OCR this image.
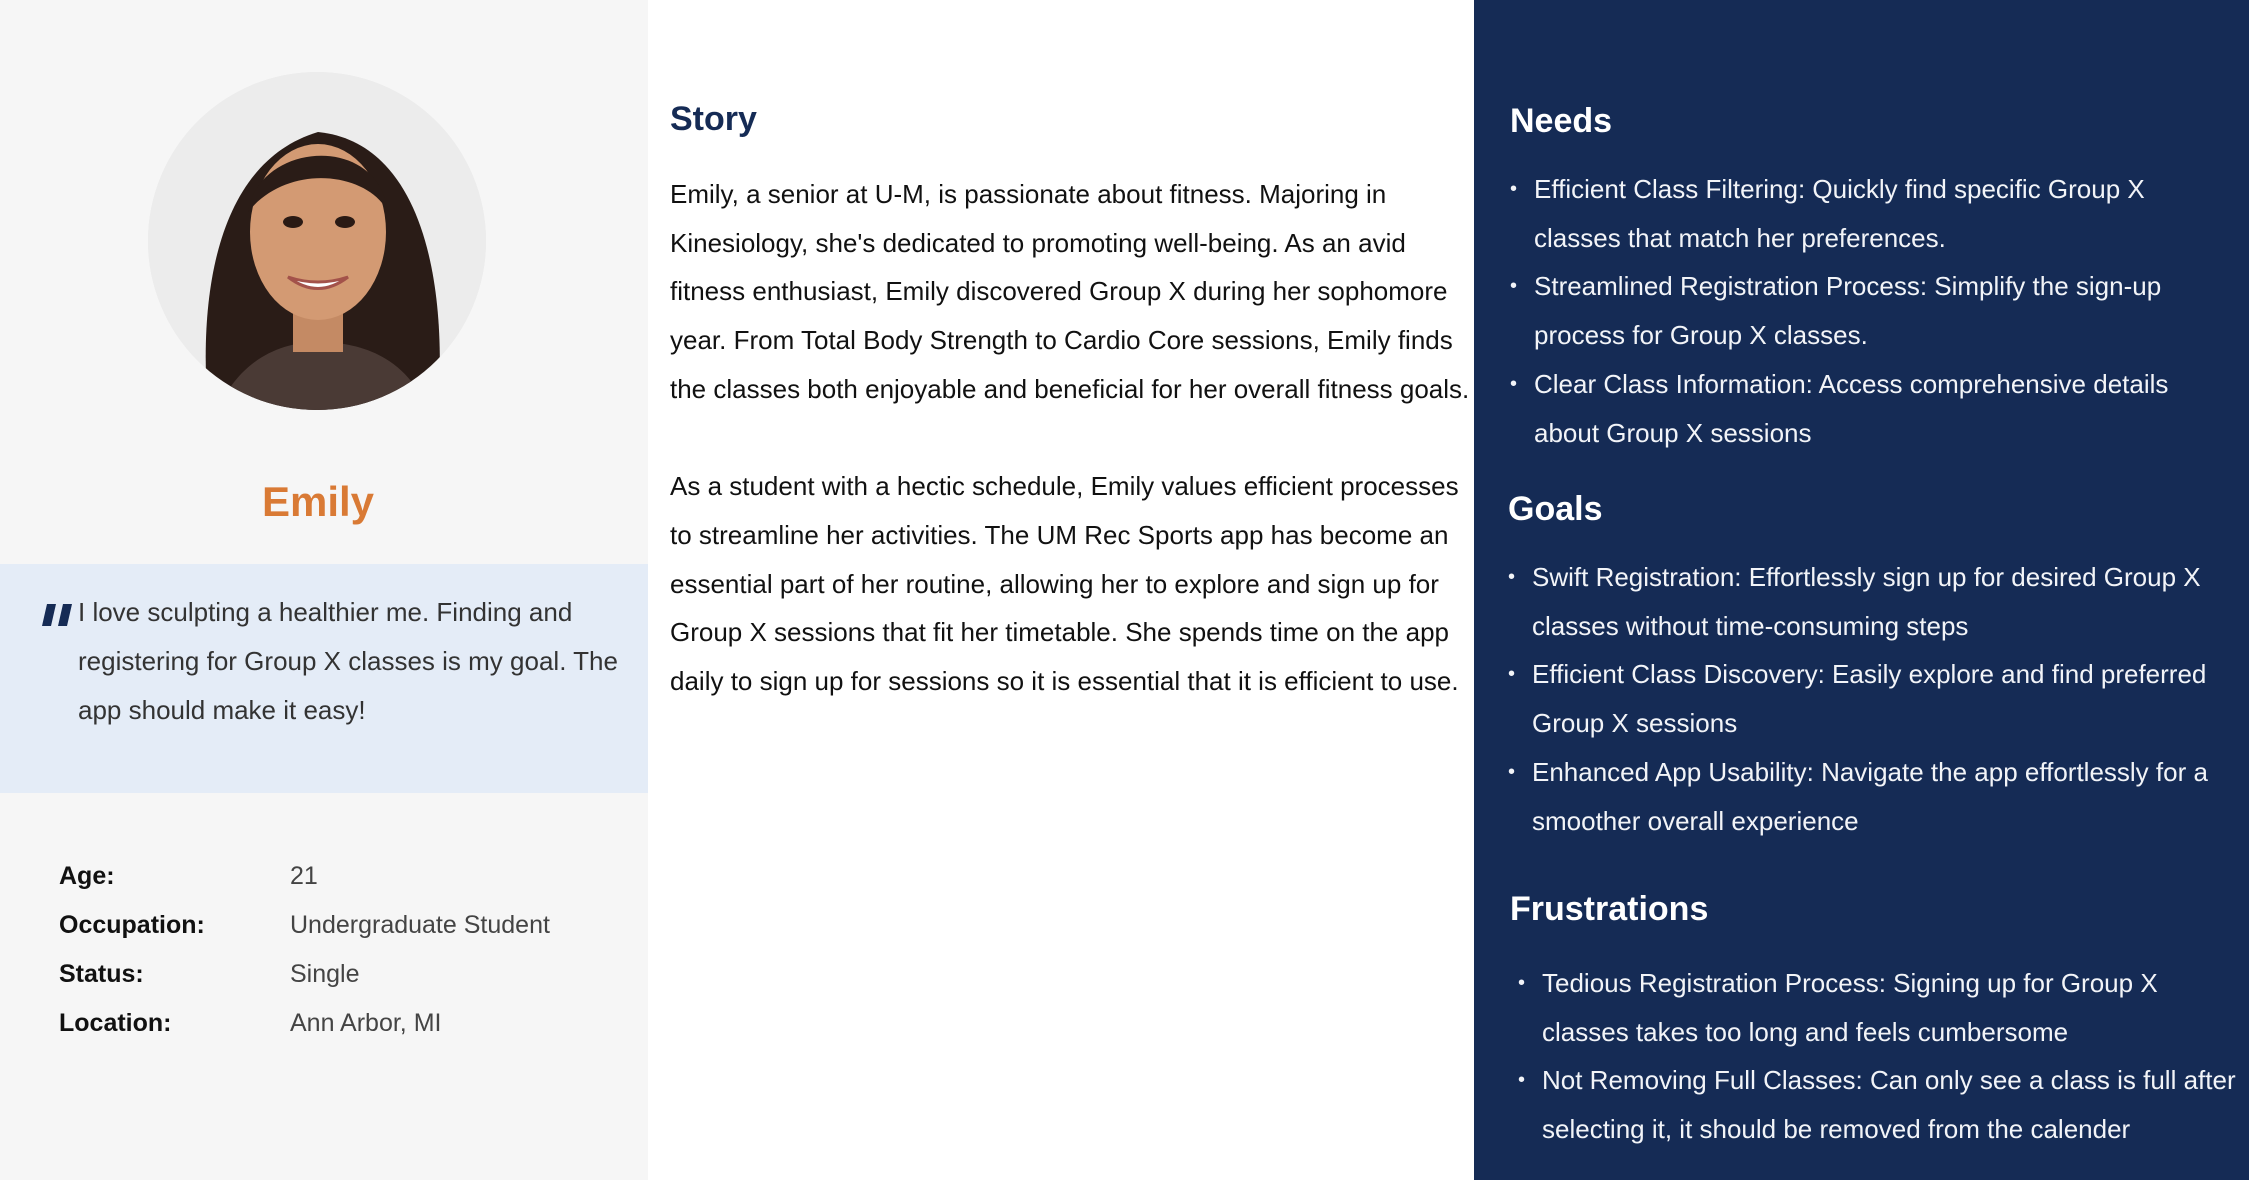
Emily
I love sculpting a healthier me. Finding and registering for Group X classes is my goal. The app should make it easy!
Age:	21
Occupation:	Undergraduate Student
Status:	Single
Location:	Ann Arbor, MI
Story

Emily, a senior at U-M, is passionate about fitness. Majoring in Kinesiology, she's dedicated to promoting well-being. As an avid fitness enthusiast, Emily discovered Group X during her sophomore year. From Total Body Strength to Cardio Core sessions, Emily finds the classes both enjoyable and beneficial for her overall fitness goals.

As a student with a hectic schedule, Emily values efficient processes to streamline her activities. The UM Rec Sports app has become an essential part of her routine, allowing her to explore and sign up for Group X sessions that fit her timetable. She spends time on the app daily to sign up for sessions so it is essential that it is efficient to use.

Needs
• Efficient Class Filtering: Quickly find specific Group X classes that match her preferences.
• Streamlined Registration Process: Simplify the sign-up process for Group X classes.
• Clear Class Information: Access comprehensive details about Group X sessions
Goals
• Swift Registration: Effortlessly sign up for desired Group X classes without time-consuming steps
• Efficient Class Discovery: Easily explore and find preferred Group X sessions
• Enhanced App Usability: Navigate the app effortlessly for a smoother overall experience
Frustrations
• Tedious Registration Process: Signing up for Group X classes takes too long and feels cumbersome
• Not Removing Full Classes: Can only see a class is full after selecting it, it should be removed from the calender
